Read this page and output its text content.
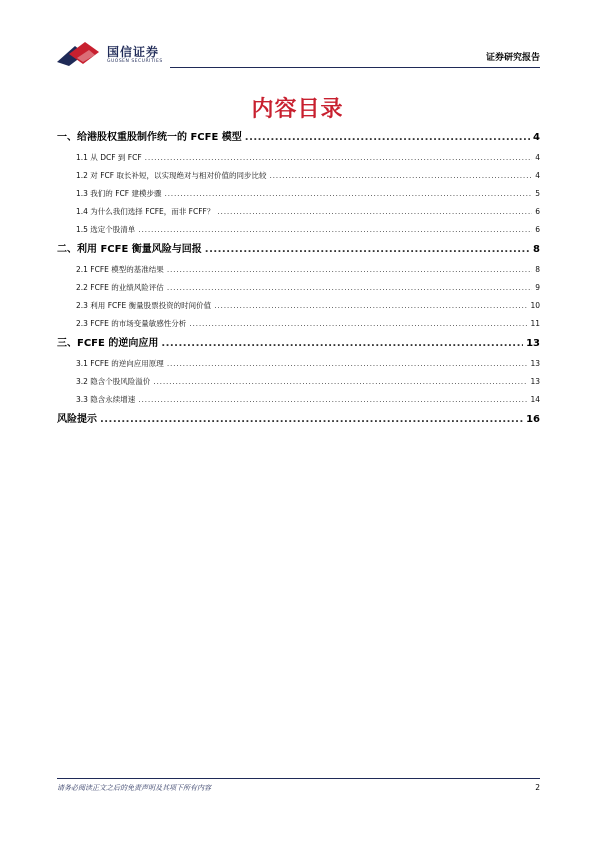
国信证券
GUOSEN SECURITIES	证券研究报告
内容目录
一、给港股权重股制作统一的 FCFE 模型 . . .	4
1.1 从 DCF 到 FCF . . .	4
1.2 对 FCF 取长补短，以实现绝对与相对价值的同步比较 . . .	4
1.3 我们的 FCF 建模步骤 . . .	5
1.4 为什么我们选择 FCFE，而非 FCFF？ . . .	6
1.5 选定个股清单 . . .	6
二、利用 FCFE 衡量风险与回报 . . .	8
2.1 FCFE 模型的基准结果 . . .	8
2.2 FCFE 的业绩风险评估 . . .	9
2.3 利用 FCFE 衡量股票投资的时间价值 . . .	10
2.3 FCFE 的市场变量敏感性分析 . . .	11
三、FCFE 的逆向应用 . . .	13
3.1 FCFE 的逆向应用原理 . . .	13
3.2 隐含个股风险溢价 . . .	13
3.3 隐含永续增速 . . .	14
风险提示 . . .	16
请务必阅读正文之后的免责声明及其项下所有内容	2
